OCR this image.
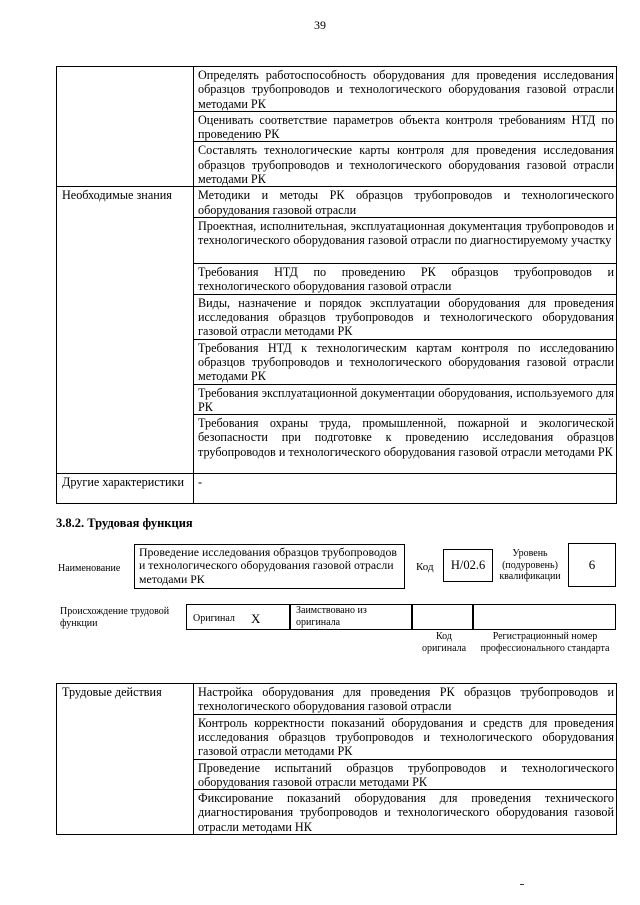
39
	Определять работоспособность оборудования для проведения исследования образцов трубопроводов и технологического оборудования газовой отрасли методами РК
	Оценивать соответствие параметров объекта контроля требованиям НТД по проведению РК
	Составлять технологические карты контроля для проведения исследования образцов трубопроводов и технологического оборудования газовой отрасли методами РК
Необходимые знания	Методики и методы РК образцов трубопроводов и технологического оборудования газовой отрасли
	Проектная, исполнительная, эксплуатационная документация трубопроводов и технологического оборудования газовой отрасли по диагностируемому участку
	Требования НТД по проведению РК образцов трубопроводов и технологического оборудования газовой отрасли
	Виды, назначение и порядок эксплуатации оборудования для проведения исследования образцов трубопроводов и технологического оборудования газовой отрасли методами РК
	Требования НТД к технологическим картам контроля по исследованию образцов трубопроводов и технологического оборудования газовой отрасли методами РК
	Требования эксплуатационной документации оборудования, используемого для РК
	Требования охраны труда, промышленной, пожарной и экологической безопасности при подготовке к проведению исследования образцов трубопроводов и технологического оборудования газовой отрасли методами РК
Другие характеристики	-
3.8.2. Трудовая функция
Наименование
Проведение исследования образцов трубопроводов и технологического оборудования газовой отрасли методами РК
Код	H/02.6
Уровень (подуровень) квалификации
6
Происхождение трудовой функции	Оригинал X
Заимствовано из оригинала
Код оригинала
Регистрационный номер профессионального стандарта
Трудовые действия	Настройка оборудования для проведения РК образцов трубопроводов и технологического оборудования газовой отрасли
Контроль корректности показаний оборудования и средств для проведения исследования образцов трубопроводов и технологического оборудования газовой отрасли методами РК
Проведение испытаний образцов трубопроводов и технологического оборудования газовой отрасли методами РК
Фиксирование показаний оборудования для проведения технического диагностирования трубопроводов и технологического оборудования газовой отрасли методами НК
